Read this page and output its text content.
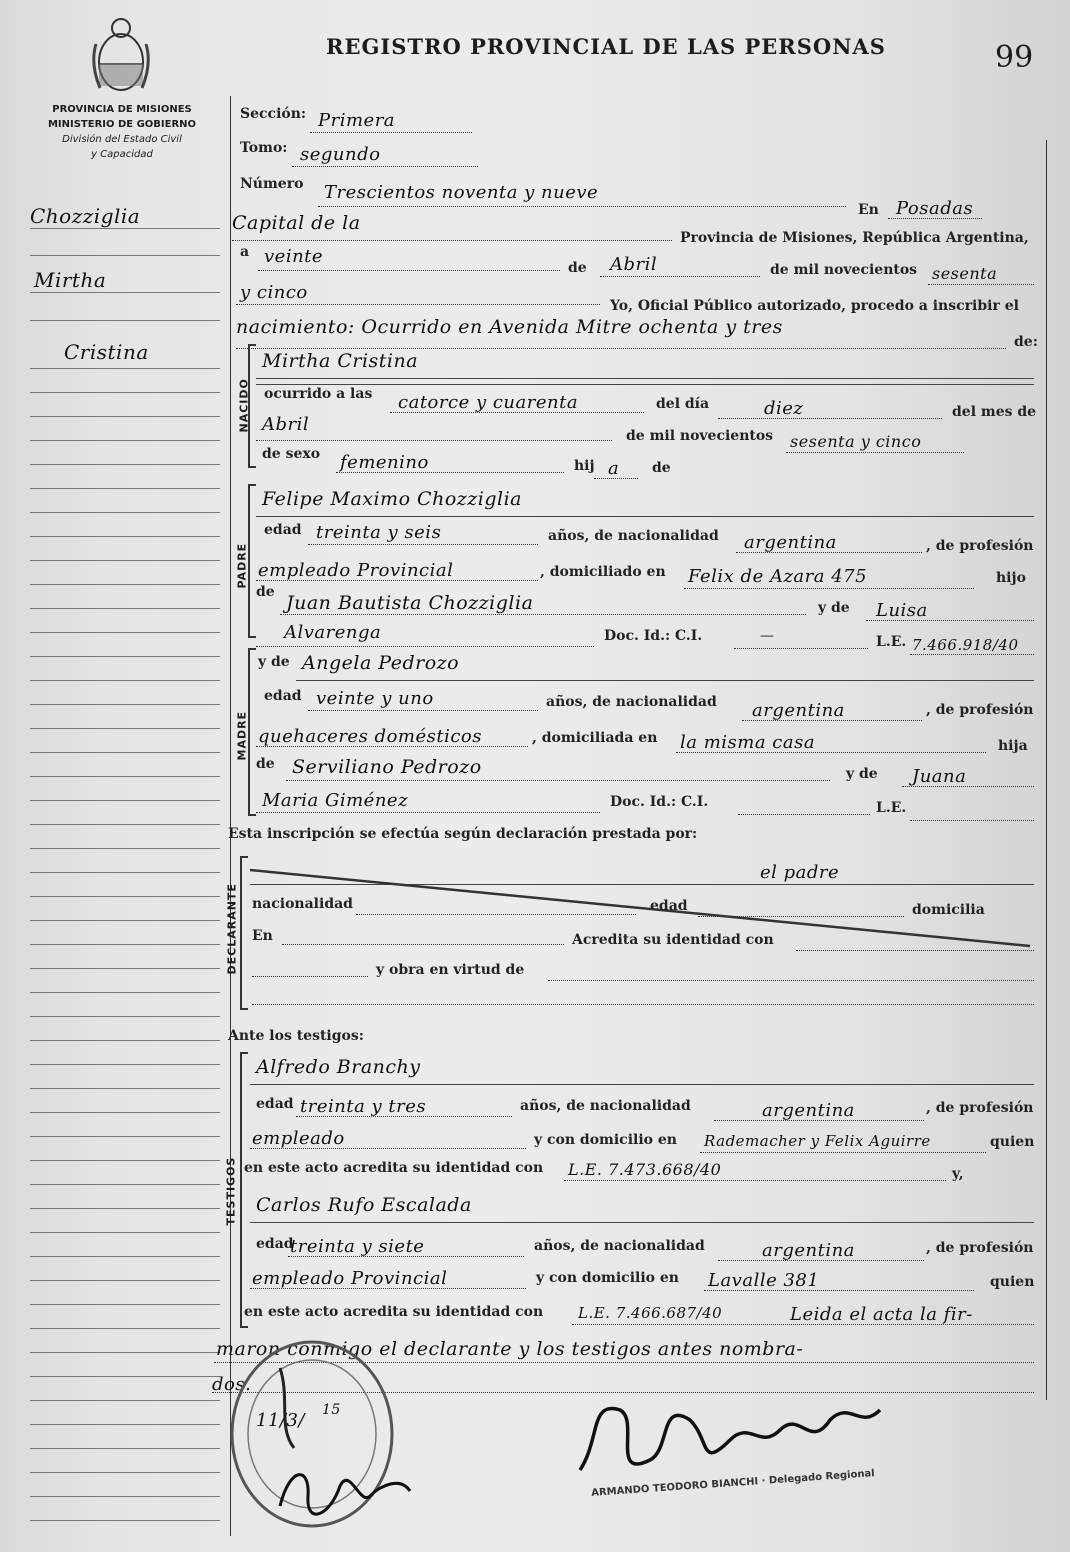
PROVINCIA DE MISIONES
MINISTERIO DE GOBIERNO
División del Estado Civil
y Capacidad
REGISTRO PROVINCIAL DE LAS PERSONAS	99
Chozziglia
Mirtha
Cristina
Sección: Primera
Tomo: segundo
Número Trescientos noventa y nueve
En Posadas
Capital de la
Provincia de Misiones, República Argentina,
a veinte
de Abril	de mil novecientos sesenta
y cinco
Yo, Oficial Público autorizado, procedo a inscribir el
nacimiento: Ocurrido en Avenida Mitre ochenta y tres
de:
NACIDO
Mirtha Cristina
ocurrido a las catorce y cuarenta	del día	diez	del mes de
Abril
de mil novecientos sesenta y cinco
de sexo femenino	hij a de
PADRE
Felipe Maximo Chozziglia
edad treinta y seis	años, de nacionalidad argentina	, de profesión
empleado Provincial	, domiciliado en Felix de Azara 475	hijo
de Juan Bautista Chozziglia	y de Luisa
Alvarenga	Doc. Id.: C.I.	—	L.E. 7.466.918/40
MADRE
y de Angela Pedrozo
edad veinte y uno	años, de nacionalidad argentina	, de profesión
quehaceres domésticos	, domiciliada en la misma casa	hija
de Serviliano Pedrozo	y de Juana
Maria Giménez	Doc. Id.: C.I.	L.E.
Esta inscripción se efectúa según declaración prestada por:
DECLARANTE
el padre
nacionalidad	edad	domicilia
En	Acredita su identidad con
y obra en virtud de
Ante los testigos:
TESTIGOS
Alfredo Branchy
edad treinta y tres	años, de nacionalidad	argentina	, de profesión
empleado	y con domicilio en Rademacher y Felix Aguirre	quien
en este acto acredita su identidad con L.E. 7.473.668/40	y,
Carlos Rufo Escalada
edad
treinta y siete	años, de nacionalidad	argentina	, de profesión
empleado Provincial	y con domicilio en Lavalle 381	quien
en este acto acredita su identidad con L.E. 7.466.687/40	Leida el acta la fir-
maron conmigo el declarante y los testigos antes nombra-
dos.
11/3/ 15
ARMANDO TEODORO BIANCHI · Delegado Regional
